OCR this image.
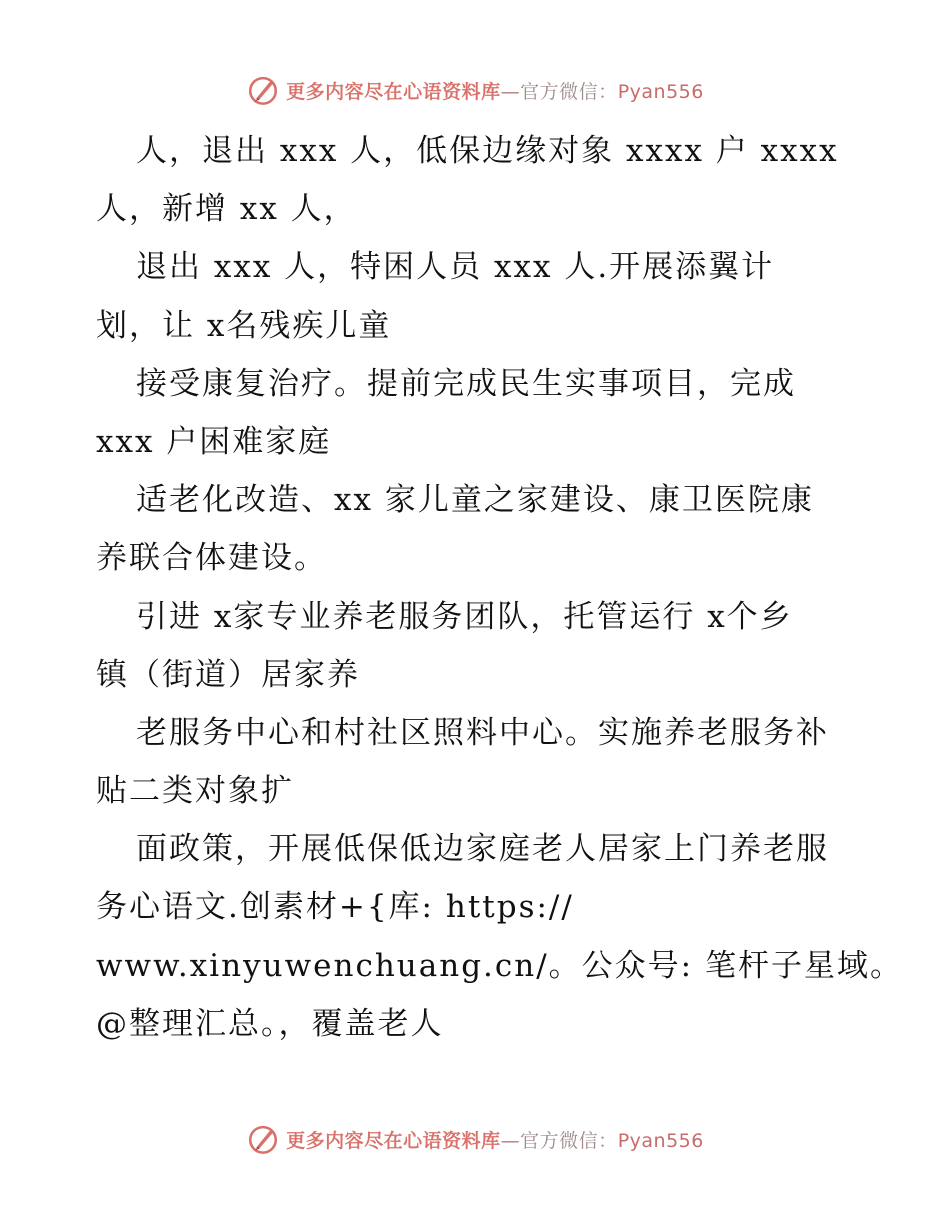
更多内容尽在心语资料库—官方微信：Pyan556
人，退出 xxx 人，低保边缘对象 xxxx 户 xxxx
人，新增 xx 人，
退出 xxx 人，特困人员 xxx 人.开展添翼计
划，让 x名残疾儿童
接受康复治疗。提前完成民生实事项目，完成
xxx 户困难家庭
适老化改造、xx 家儿童之家建设、康卫医院康
养联合体建设。
引进 x家专业养老服务团队，托管运行 x个乡
镇（街道）居家养
老服务中心和村社区照料中心。实施养老服务补
贴二类对象扩
面政策，开展低保低边家庭老人居家上门养老服
务心语文.创素材+{库: https://
www.xinyuwenchuang.cn/。公众号: 笔杆子星域。
@整理汇总。，覆盖老人
更多内容尽在心语资料库—官方微信：Pyan556
